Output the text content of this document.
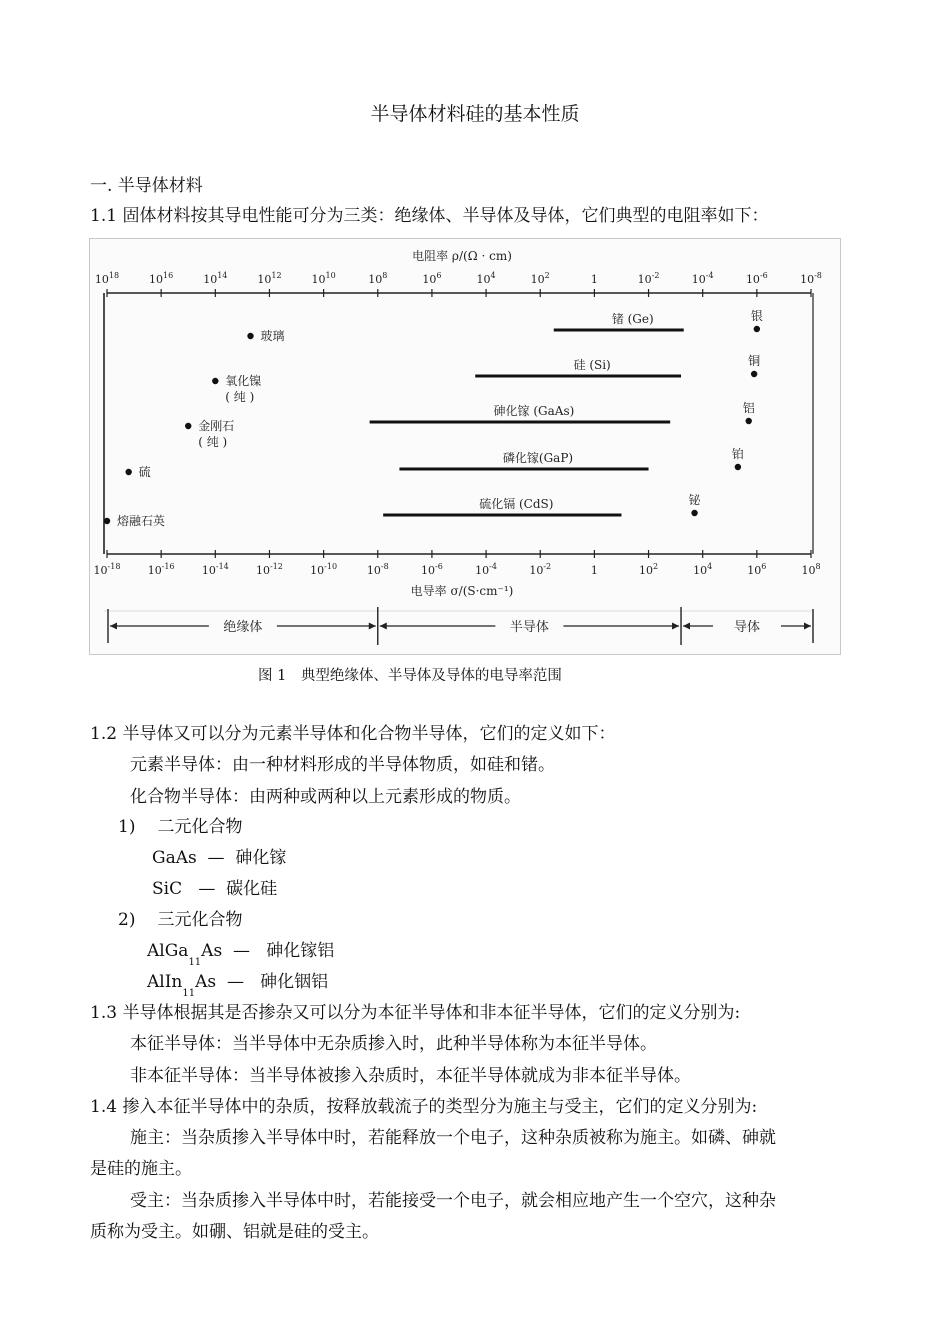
半导体材料硅的基本性质
一. 半导体材料
1.1 固体材料按其导电性能可分为三类：绝缘体、半导体及导体，它们典型的电阻率如下：
电阻率 ρ/(Ω · cm)
电导率 σ/(S·cm⁻¹)
$10^{18}$	$10^{16}$	$10^{14}$	$10^{12}$	$10^{10}$	$10^8$	$10^6$	$10^4$	$10^2$	1	$10^{-2}$	$10^{-4}$	$10^{-6}$	$10^{-8}$
$10^{-18}$ $10^{-16}$ $10^{-14}$ $10^{-12}$ $10^{-10}$	$10^{-8}$	$10^{-6}$	$10^{-4}$	$10^{-2}$	1	$10^2$	$10^4$	$10^6$	$10^8$
锗 (Ge)
硅 (Si)
砷化镓 (GaAs)
磷化镓(GaP)
硫化镉 (CdS)
玻璃
氧化镍
( 纯 )
金刚石
( 纯 )
硫
熔融石英
银
铜
铝
铂
铋
绝缘体	半导体	导体
图 1　典型绝缘体、半导体及导体的电导率范围
1.2 半导体又可以分为元素半导体和化合物半导体，它们的定义如下：
元素半导体：由一种材料形成的半导体物质，如硅和锗。
化合物半导体：由两种或两种以上元素形成的物质。
1) 二元化合物
GaAs — 砷化镓
SiC — 碳化硅
2) 三元化合物
AlGa$_{11}$As — 砷化镓铝
AlIn$_{11}$As — 砷化铟铝
1.3 半导体根据其是否掺杂又可以分为本征半导体和非本征半导体，它们的定义分别为:
本征半导体：当半导体中无杂质掺入时，此种半导体称为本征半导体。
非本征半导体：当半导体被掺入杂质时，本征半导体就成为非本征半导体。
1.4 掺入本征半导体中的杂质，按释放载流子的类型分为施主与受主，它们的定义分别为:
施主：当杂质掺入半导体中时，若能释放一个电子，这种杂质被称为施主。如磷、砷就
是硅的施主。
受主：当杂质掺入半导体中时，若能接受一个电子，就会相应地产生一个空穴，这种杂
质称为受主。如硼、铝就是硅的受主。
